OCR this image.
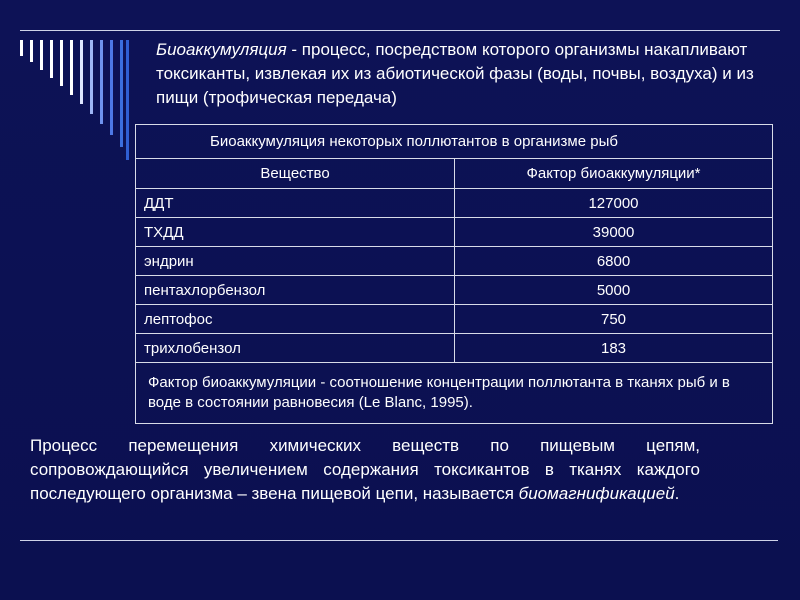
Биоаккумуляция - процесс, посредством которого организмы накапливают токсиканты, извлекая их из абиотической фазы (воды, почвы, воздуха) и из пищи (трофическая передача)
Биоаккумуляция некоторых поллютантов в организме рыб	
Вещество	Фактор биоаккумуляции*
ДДТ	127000
ТХДД	39000
эндрин	6800
пентахлорбензол	5000
лептофос	750
трихлобензол	183
Фактор биоаккумуляции - соотношение концентрации поллютанта в тканях рыб и в воде в состоянии равновесия (Le Blanc, 1995).	
Процесс перемещения химических веществ по пищевым цепям, сопровождающийся увеличением содержания токсикантов в тканях каждого последующего организма – звена пищевой цепи, называется биомагнификацией.
